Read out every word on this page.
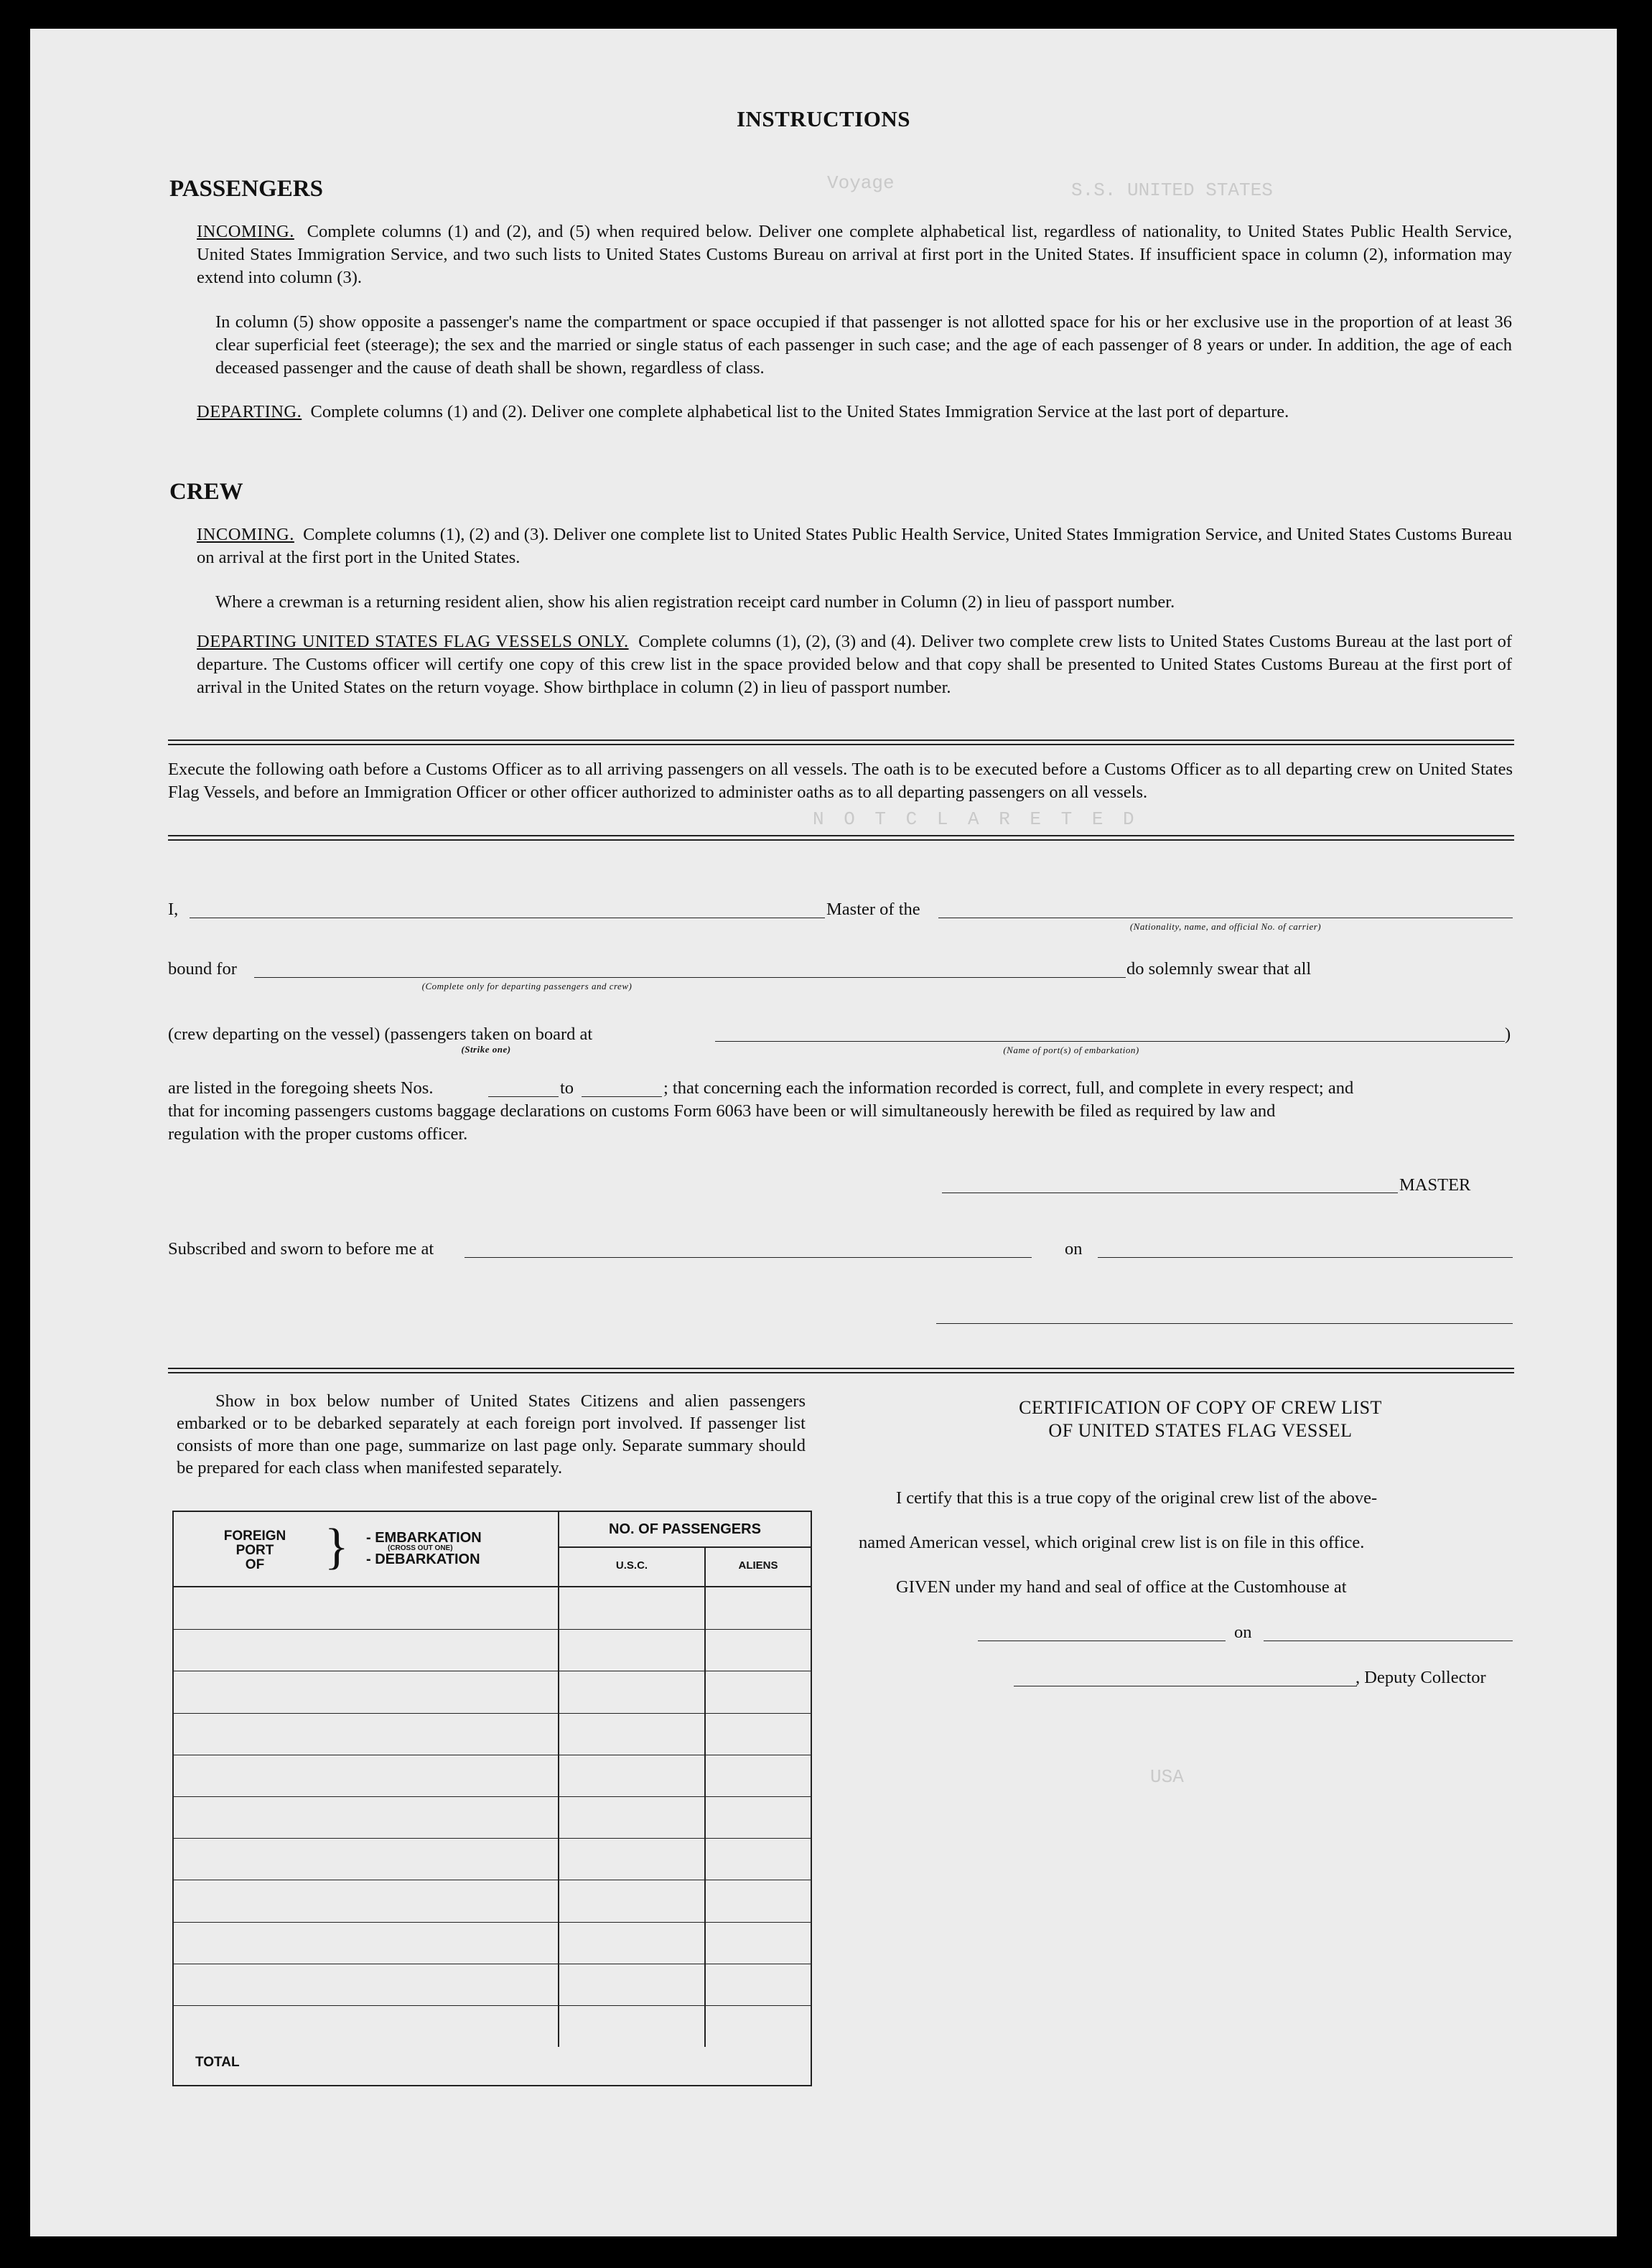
S.S. UNITED STATES
Voyage
N O T C L A R E T E D
USA
INSTRUCTIONS
PASSENGERS
INCOMING. Complete columns (1) and (2), and (5) when required below. Deliver one complete alphabetical list, regardless of nationality, to United States Public Health Service, United States Immigration Service, and two such lists to United States Customs Bureau on arrival at first port in the United States. If insufficient space in column (2), information may extend into column (3).
In column (5) show opposite a passenger's name the compartment or space occupied if that passenger is not allotted space for his or her exclusive use in the proportion of at least 36 clear superficial feet (steerage); the sex and the married or single status of each passenger in such case; and the age of each passenger of 8 years or under. In addition, the age of each deceased passenger and the cause of death shall be shown, regardless of class.
DEPARTING. Complete columns (1) and (2). Deliver one complete alphabetical list to the United States Immigration Service at the last port of departure.
CREW
INCOMING. Complete columns (1), (2) and (3). Deliver one complete list to United States Public Health Service, United States Immigration Service, and United States Customs Bureau on arrival at the first port in the United States.
Where a crewman is a returning resident alien, show his alien registration receipt card number in Column (2) in lieu of passport number.
DEPARTING UNITED STATES FLAG VESSELS ONLY. Complete columns (1), (2), (3) and (4). Deliver two complete crew lists to United States Customs Bureau at the last port of departure. The Customs officer will certify one copy of this crew list in the space provided below and that copy shall be presented to United States Customs Bureau at the first port of arrival in the United States on the return voyage. Show birthplace in column (2) in lieu of passport number.
Execute the following oath before a Customs Officer as to all arriving passengers on all vessels. The oath is to be executed before a Customs Officer as to all departing crew on United States Flag Vessels, and before an Immigration Officer or other officer authorized to administer oaths as to all departing passengers on all vessels.
I,	Master of the
(Nationality, name, and official No. of carrier)
bound for
(Complete only for departing passengers and crew)
do solemnly swear that all
(crew departing on the vessel) (passengers taken on board at
(Strike one)	(Name of port(s) of embarkation)
)
are listed in the foregoing sheets Nos.	to	; that concerning each the information recorded is correct, full, and complete in every respect; and
that for incoming passengers customs baggage declarations on customs Form 6063 have been or will simultaneously herewith be filed as required by law and
regulation with the proper customs officer.
MASTER
Subscribed and sworn to before me at	on
Show in box below number of United States Citizens and alien passengers embarked or to be debarked separately at each foreign port involved. If passenger list consists of more than one page, summarize on last page only. Separate summary should be prepared for each class when manifested separately.
FOREIGN
PORT
OF	} - EMBARKATION
(CROSS OUT ONE)
- DEBARKATION
NO. OF PASSENGERS
U.S.C.	ALIENS
TOTAL
CERTIFICATION OF COPY OF CREW LIST
OF UNITED STATES FLAG VESSEL
I certify that this is a true copy of the original crew list of the above-
named American vessel, which original crew list is on file in this office.
GIVEN under my hand and seal of office at the Customhouse at
on
, Deputy Collector
